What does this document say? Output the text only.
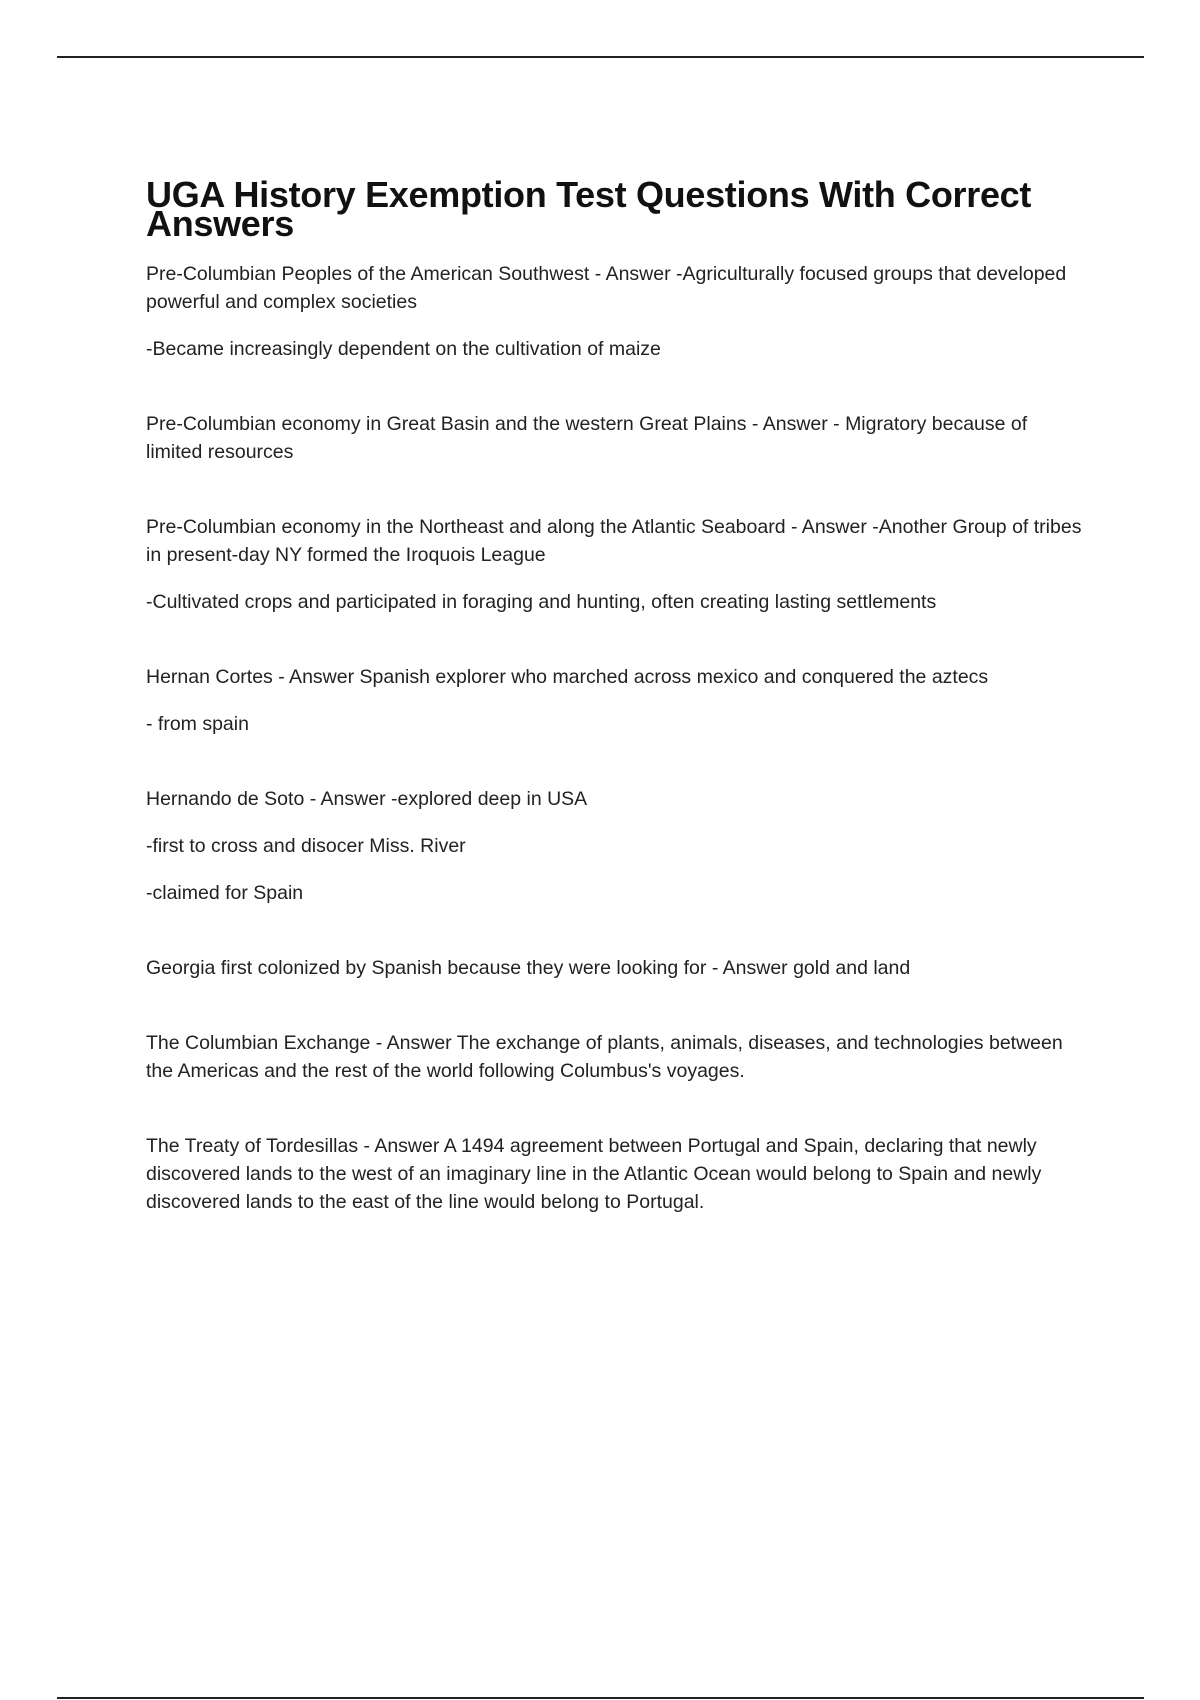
UGA History Exemption Test Questions With Correct Answers

Pre-Columbian Peoples of the American Southwest - Answer -Agriculturally focused groups that developed powerful and complex societies

-Became increasingly dependent on the cultivation of maize

Pre-Columbian economy in Great Basin and the western Great Plains - Answer - Migratory because of limited resources

Pre-Columbian economy in the Northeast and along the Atlantic Seaboard - Answer -Another Group of tribes in present-day NY formed the Iroquois League

-Cultivated crops and participated in foraging and hunting, often creating lasting settlements

Hernan Cortes - Answer Spanish explorer who marched across mexico and conquered the aztecs

- from spain

Hernando de Soto - Answer -explored deep in USA

-first to cross and disocer Miss. River

-claimed for Spain

Georgia first colonized by Spanish because they were looking for - Answer gold and land

The Columbian Exchange - Answer The exchange of plants, animals, diseases, and technologies between the Americas and the rest of the world following Columbus's voyages.

The Treaty of Tordesillas - Answer A 1494 agreement between Portugal and Spain, declaring that newly discovered lands to the west of an imaginary line in the Atlantic Ocean would belong to Spain and newly discovered lands to the east of the line would belong to Portugal.
